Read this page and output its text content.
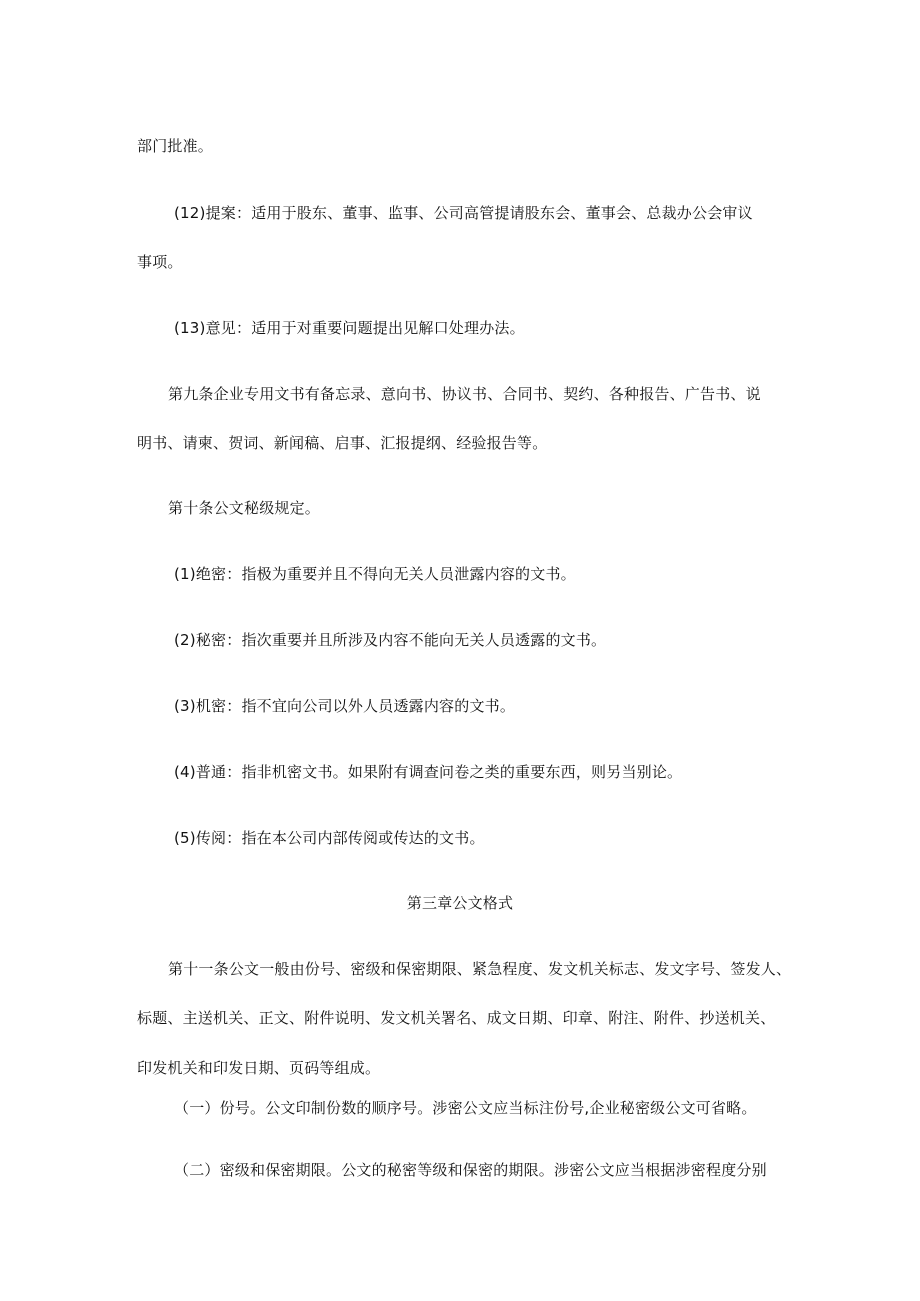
部门批准。
(12)提案：适用于股东、董事、监事、公司高管提请股东会、董事会、总裁办公会审议
事项。
(13)意见：适用于对重要问题提出见解口处理办法。
第九条企业专用文书有备忘录、意向书、协议书、合同书、契约、各种报告、广告书、说
明书、请柬、贺词、新闻稿、启事、汇报提纲、经验报告等。
第十条公文秘级规定。
(1)绝密：指极为重要并且不得向无关人员泄露内容的文书。
(2)秘密：指次重要并且所涉及内容不能向无关人员透露的文书。
(3)机密：指不宜向公司以外人员透露内容的文书。
(4)普通：指非机密文书。如果附有调查问卷之类的重要东西，则另当别论。
(5)传阅：指在本公司内部传阅或传达的文书。
第三章公文格式
第十一条公文一般由份号、密级和保密期限、紧急程度、发文机关标志、发文字号、签发人、
标题、主送机关、正文、附件说明、发文机关署名、成文日期、印章、附注、附件、抄送机关、
印发机关和印发日期、页码等组成。
（一）份号。公文印制份数的顺序号。涉密公文应当标注份号,企业秘密级公文可省略。
（二）密级和保密期限。公文的秘密等级和保密的期限。涉密公文应当根据涉密程度分别
